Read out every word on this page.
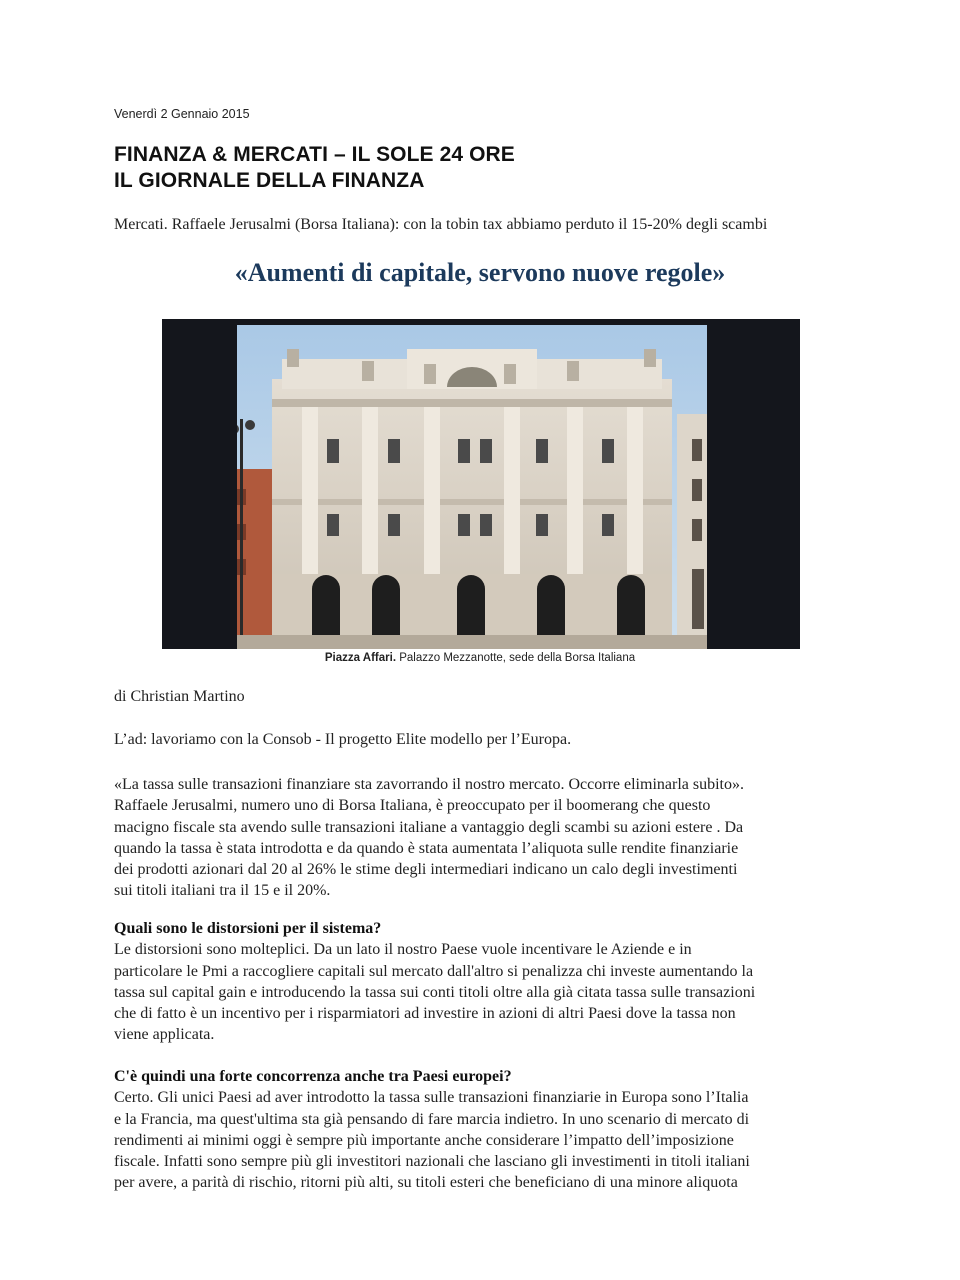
Venerdì 2 Gennaio 2015
FINANZA & MERCATI – IL SOLE 24 ORE
IL GIORNALE DELLA FINANZA
Mercati. Raffaele Jerusalmi (Borsa Italiana): con la tobin tax abbiamo perduto il 15-20% degli scambi
«Aumenti di capitale, servono nuove regole»
Piazza Affari. Palazzo Mezzanotte, sede della Borsa Italiana
di Christian Martino
L’ad: lavoriamo con la Consob - Il progetto Elite modello per l’Europa.
«La tassa sulle transazioni finanziare sta zavorrando il nostro mercato. Occorre eliminarla subito».
Raffaele Jerusalmi, numero uno di Borsa Italiana, è preoccupato per il boomerang che questo
macigno fiscale sta avendo sulle transazioni italiane a vantaggio degli scambi su azioni estere . Da
quando la tassa è stata introdotta e da quando è stata aumentata l’aliquota sulle rendite finanziarie
dei prodotti azionari dal 20 al 26% le stime degli intermediari indicano un calo degli investimenti
sui titoli italiani tra il 15 e il 20%.
Quali sono le distorsioni per il sistema?
Le distorsioni sono molteplici. Da un lato il nostro Paese vuole incentivare le Aziende e in
particolare le Pmi a raccogliere capitali sul mercato dall'altro si penalizza chi investe aumentando la
tassa sul capital gain e introducendo la tassa sui conti titoli oltre alla già citata tassa sulle transazioni
che di fatto è un incentivo per i risparmiatori ad investire in azioni di altri Paesi dove la tassa non
viene applicata.
C'è quindi una forte concorrenza anche tra Paesi europei?
Certo. Gli unici Paesi ad aver introdotto la tassa sulle transazioni finanziarie in Europa sono l’Italia
e la Francia, ma quest'ultima sta già pensando di fare marcia indietro. In uno scenario di mercato di
rendimenti ai minimi oggi è sempre più importante anche considerare l’impatto dell’imposizione
fiscale. Infatti sono sempre più gli investitori nazionali che lasciano gli investimenti in titoli italiani
per avere, a parità di rischio, ritorni più alti, su titoli esteri che beneficiano di una minore aliquota
